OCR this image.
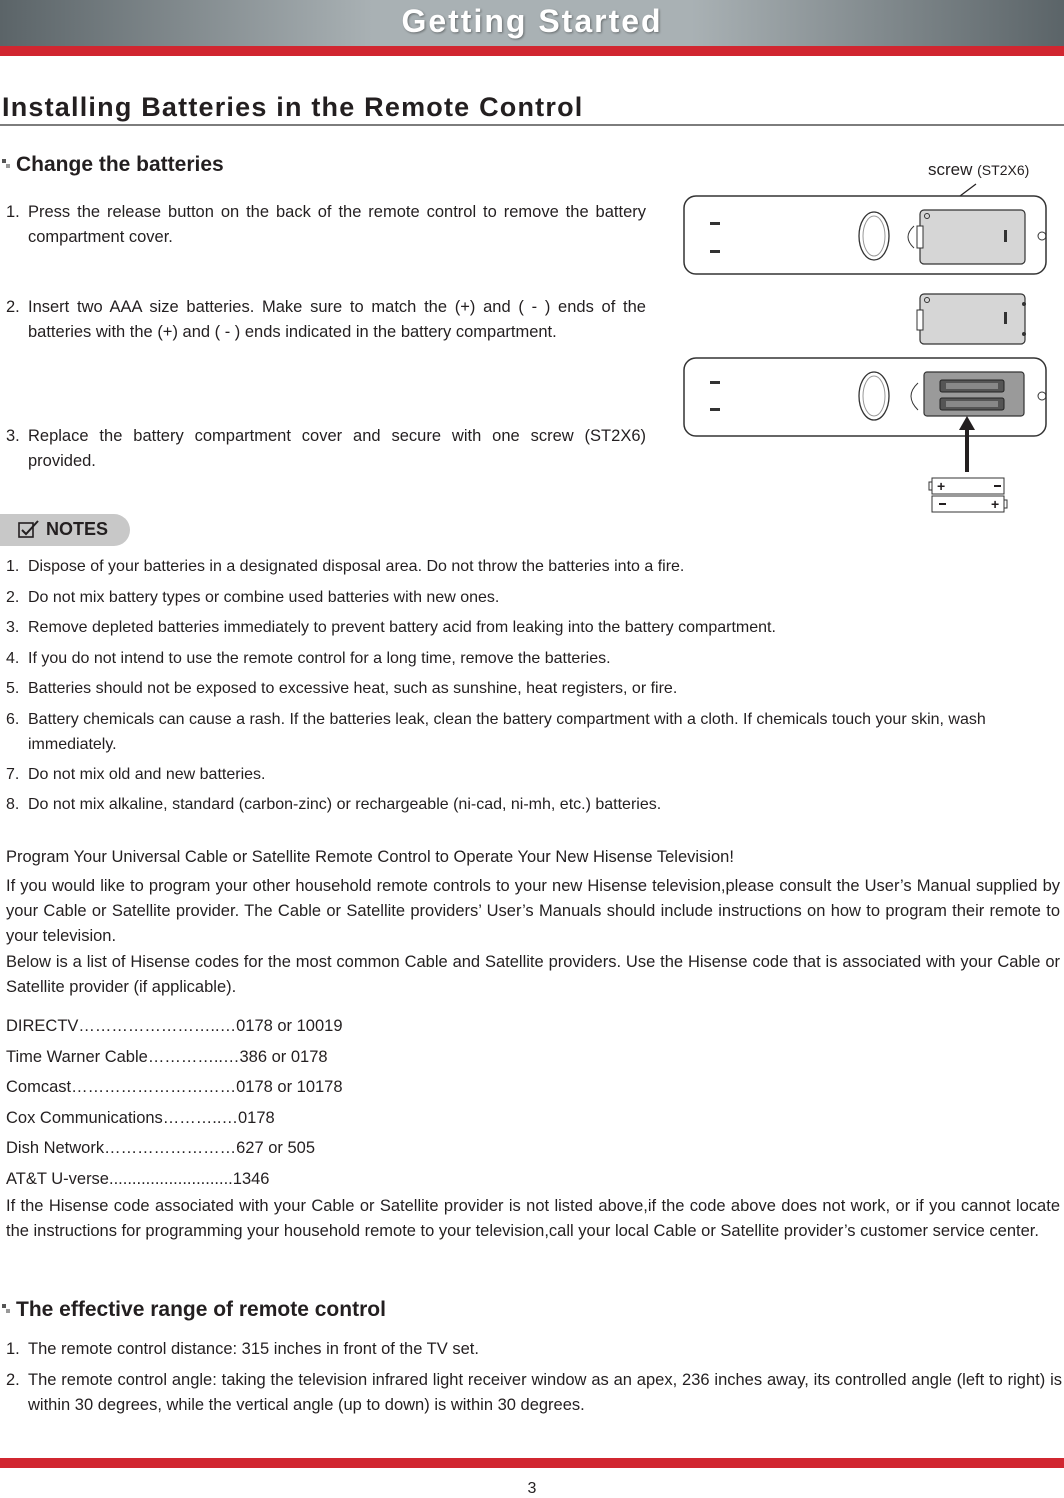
Getting Started
Installing Batteries in the Remote Control
Change the batteries
1. Press the release button on the back of the remote control to remove the battery compartment cover.
2. Insert two AAA size batteries. Make sure to match the (+) and ( - ) ends of the batteries with the (+) and ( - ) ends indicated in the battery compartment.
3. Replace the battery compartment cover and secure with one screw (ST2X6) provided.
screw (ST2X6)
+
+
NOTES
1. Dispose of your batteries in a designated disposal area. Do not throw the batteries into a fire.
2. Do not mix battery types or combine used batteries with new ones.
3. Remove depleted batteries immediately to prevent battery acid from leaking into the battery compartment.
4. If you do not intend to use the remote control for a long time, remove the batteries.
5. Batteries should not be exposed to excessive heat, such as sunshine, heat registers, or fire.
6. Battery chemicals can cause a rash. If the batteries leak, clean the battery compartment with a cloth. If chemicals touch your skin, wash immediately.
7. Do not mix old and new batteries.
8. Do not mix alkaline, standard (carbon-zinc) or rechargeable (ni-cad, ni-mh, etc.) batteries.
Program Your Universal Cable or Satellite Remote Control to Operate Your New Hisense Television!
If you would like to program your other household remote controls to your new Hisense television,please consult the User’s Manual supplied by your Cable or Satellite provider. The Cable or Satellite providers’ User’s Manuals should include instructions on how to program their remote to your television.
Below is a list of Hisense codes for the most common Cable and Satellite providers. Use the Hisense code that is associated with your Cable or Satellite provider (if applicable).
DIRECTV……………………..…0178 or 10019
Time Warner Cable…………..…386 or 0178
Comcast…………………………0178 or 10178
Cox Communications………..…0178
Dish Network……………………627 or 505
AT&T U-verse...........................1346
If the Hisense code associated with your Cable or Satellite provider is not listed above,if the code above does not work, or if you cannot locate the instructions for programming your household remote to your television,call your local Cable or Satellite provider’s customer service center.
The effective range of remote control
1. The remote control distance: 315 inches in front of the TV set.
2. The remote control angle: taking the television infrared light receiver window as an apex, 236 inches away, its controlled angle (left to right) is within 30 degrees, while the vertical angle (up to down) is within 30 degrees.
3
